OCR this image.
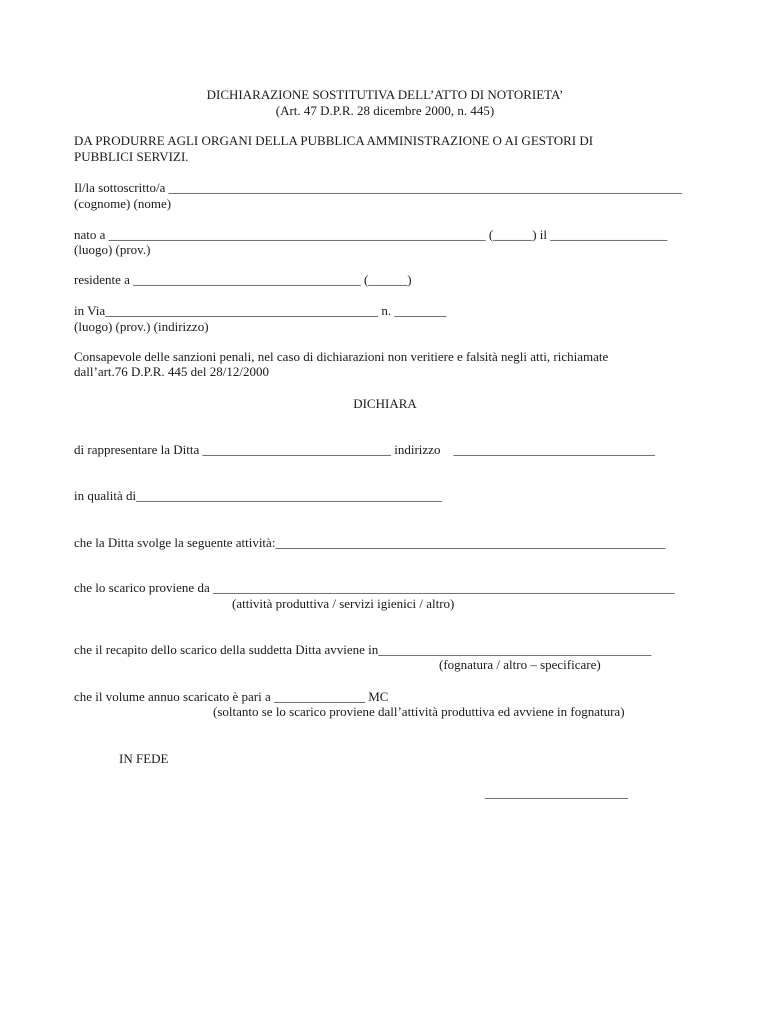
DICHIARAZIONE SOSTITUTIVA DELL’ATTO DI NOTORIETA’
(Art. 47 D.P.R. 28 dicembre 2000, n. 445)
DA PRODURRE AGLI ORGANI DELLA PUBBLICA AMMINISTRAZIONE O AI GESTORI DI
PUBBLICI SERVIZI.
Il/la sottoscritto/a _______________________________________________________________________________
(cognome) (nome)
nato a __________________________________________________________ (______) il __________________
(luogo) (prov.)
residente a ___________________________________ (______)
in Via__________________________________________ n. ________
(luogo) (prov.) (indirizzo)
Consapevole delle sanzioni penali, nel caso di dichiarazioni non veritiere e falsità negli atti, richiamate
dall’art.76 D.P.R. 445 del 28/12/2000
DICHIARA
di rappresentare la Ditta _____________________________ indirizzo    _______________________________
in qualità di_______________________________________________
che la Ditta svolge la seguente attività:____________________________________________________________
che lo scarico proviene da _______________________________________________________________________
(attività produttiva / servizi igienici / altro)
che il recapito dello scarico della suddetta Ditta avviene in__________________________________________
(fognatura / altro – specificare)
che il volume annuo scaricato è pari a ______________ MC
(soltanto se lo scarico proviene dall’attività produttiva ed avviene in fognatura)
IN FEDE
______________________
